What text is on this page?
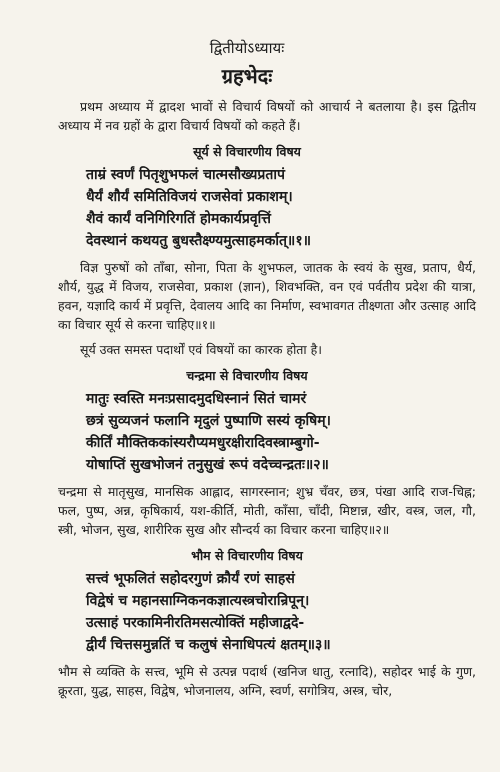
द्वितीयोऽध्यायः
ग्रहभेदः

प्रथम अध्याय में द्वादश भावों से विचार्य विषयों को आचार्य ने बतलाया है। इस द्वितीय अध्याय में नव ग्रहों के द्वारा विचार्य विषयों को कहते हैं।

सूर्य से विचारणीय विषय
ताम्रं स्वर्णं पितृशुभफलं चात्मसौख्यप्रतापं
धैर्यं शौर्यं समितिविजयं राजसेवां प्रकाशम्।
शैवं कार्यं वनिगिरिगतिं होमकार्यप्रवृत्तिं
देवस्थानं कथयतु बुधस्तैक्ष्ण्यमुत्साहमर्कात्॥१॥

विज्ञ पुरुषों को ताँबा, सोना, पिता के शुभफल, जातक के स्वयं के सुख, प्रताप, धैर्य, शौर्य, युद्ध में विजय, राजसेवा, प्रकाश (ज्ञान), शिवभक्ति, वन एवं पर्वतीय प्रदेश की यात्रा, हवन, यज्ञादि कार्य में प्रवृत्ति, देवालय आदि का निर्माण, स्वभावगत तीक्ष्णता और उत्साह आदि का विचार सूर्य से करना चाहिए॥१॥

सूर्य उक्त समस्त पदार्थों एवं विषयों का कारक होता है।

चन्द्रमा से विचारणीय विषय
मातुः स्वस्ति मनःप्रसादमुदधिस्नानं सितं चामरं
छत्रं सुव्यजनं फलानि मृदुलं पुष्पाणि सस्यं कृषिम्।
कीर्तिं मौक्तिककांस्यरौप्यमधुरक्षीरादिवस्त्राम्बुगो-
योषाप्तिं सुखभोजनं तनुसुखं रूपं वदेच्चन्द्रतः॥२॥

चन्द्रमा से मातृसुख, मानसिक आह्लाद, सागरस्नान; शुभ्र चँवर, छत्र, पंखा आदि राज-चिह्न; फल, पुष्प, अन्न, कृषिकार्य, यश-कीर्ति, मोती, काँसा, चाँदी, मिष्टान्न, खीर, वस्त्र, जल, गौ, स्त्री, भोजन, सुख, शारीरिक सुख और सौन्दर्य का विचार करना चाहिए॥२॥

भौम से विचारणीय विषय
सत्त्वं भूफलितं सहोदरगुणं क्रौर्यं रणं साहसं
विद्वेषं च महानसाग्निकनकज्ञात्यस्त्रचोरान्रिपून्।
उत्साहं परकामिनीरतिमसत्योक्तिं महीजाद्वदे-
द्वीर्यं चित्तसमुन्नतिं च कलुषं सेनाधिपत्यं क्षतम्॥३॥

भौम से व्यक्ति के सत्त्व, भूमि से उत्पन्न पदार्थ (खनिज धातु, रत्नादि), सहोदर भाई के गुण, क्रूरता, युद्ध, साहस, विद्वेष, भोजनालय, अग्नि, स्वर्ण, सगोत्रिय, अस्त्र, चोर,
